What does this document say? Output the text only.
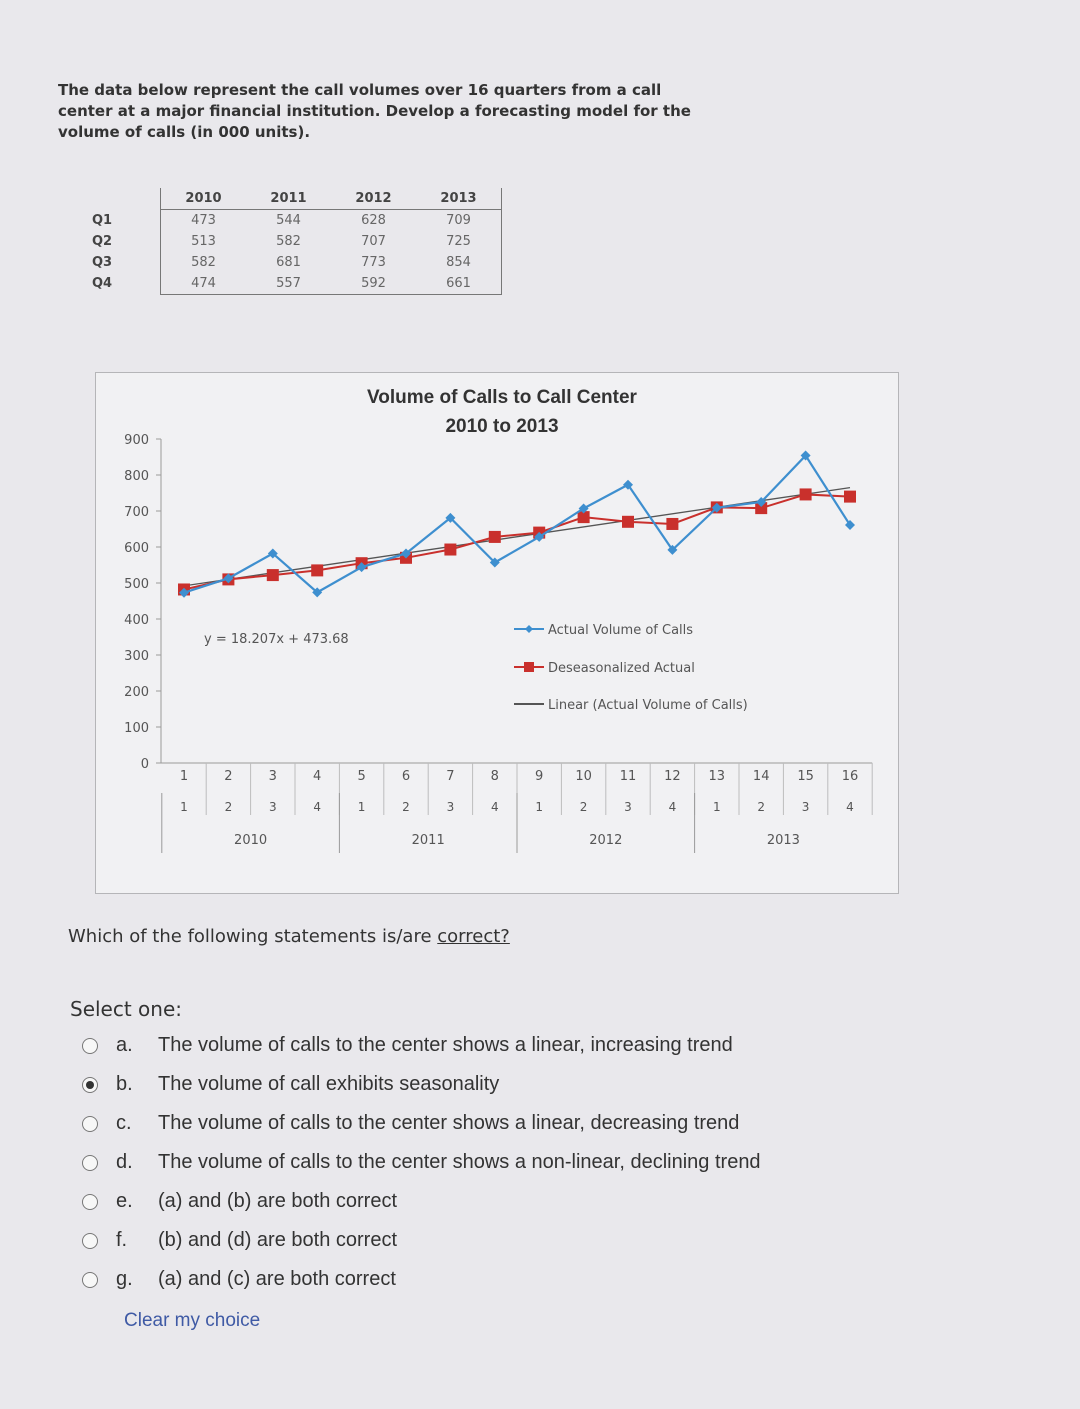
The data below represent the call volumes over 16 quarters from a call center at a major financial institution. Develop a forecasting model for the volume of calls (in 000 units).
	2010	2011	2012	2013
Q1	473	544	628	709
Q2	513	582	707	725
Q3	582	681	773	854
Q4	474	557	592	661
Volume of Calls to Call Center
2010 to 2013
0
100
200
300
400
500
600
700
800
900
1
1
2
2
3
3
4
4
5
1
6
2
7
3
8
4
9
1
10
2
11
3
12
4
13
1
14
2
15
3
16
4
2010	2011	2012	2013
y = 18.207x + 473.68
Actual Volume of Calls
Deseasonalized Actual
Linear (Actual Volume of Calls)
Which of the following statements is/are correct?
Select one:
a.	The volume of calls to the center shows a linear, increasing trend
b.	The volume of call exhibits seasonality
c.	The volume of calls to the center shows a linear, decreasing trend
d.	The volume of calls to the center shows a non-linear, declining trend
e.	(a) and (b) are both correct
f.	(b) and (d) are both correct
g.	(a) and (c) are both correct
Clear my choice
